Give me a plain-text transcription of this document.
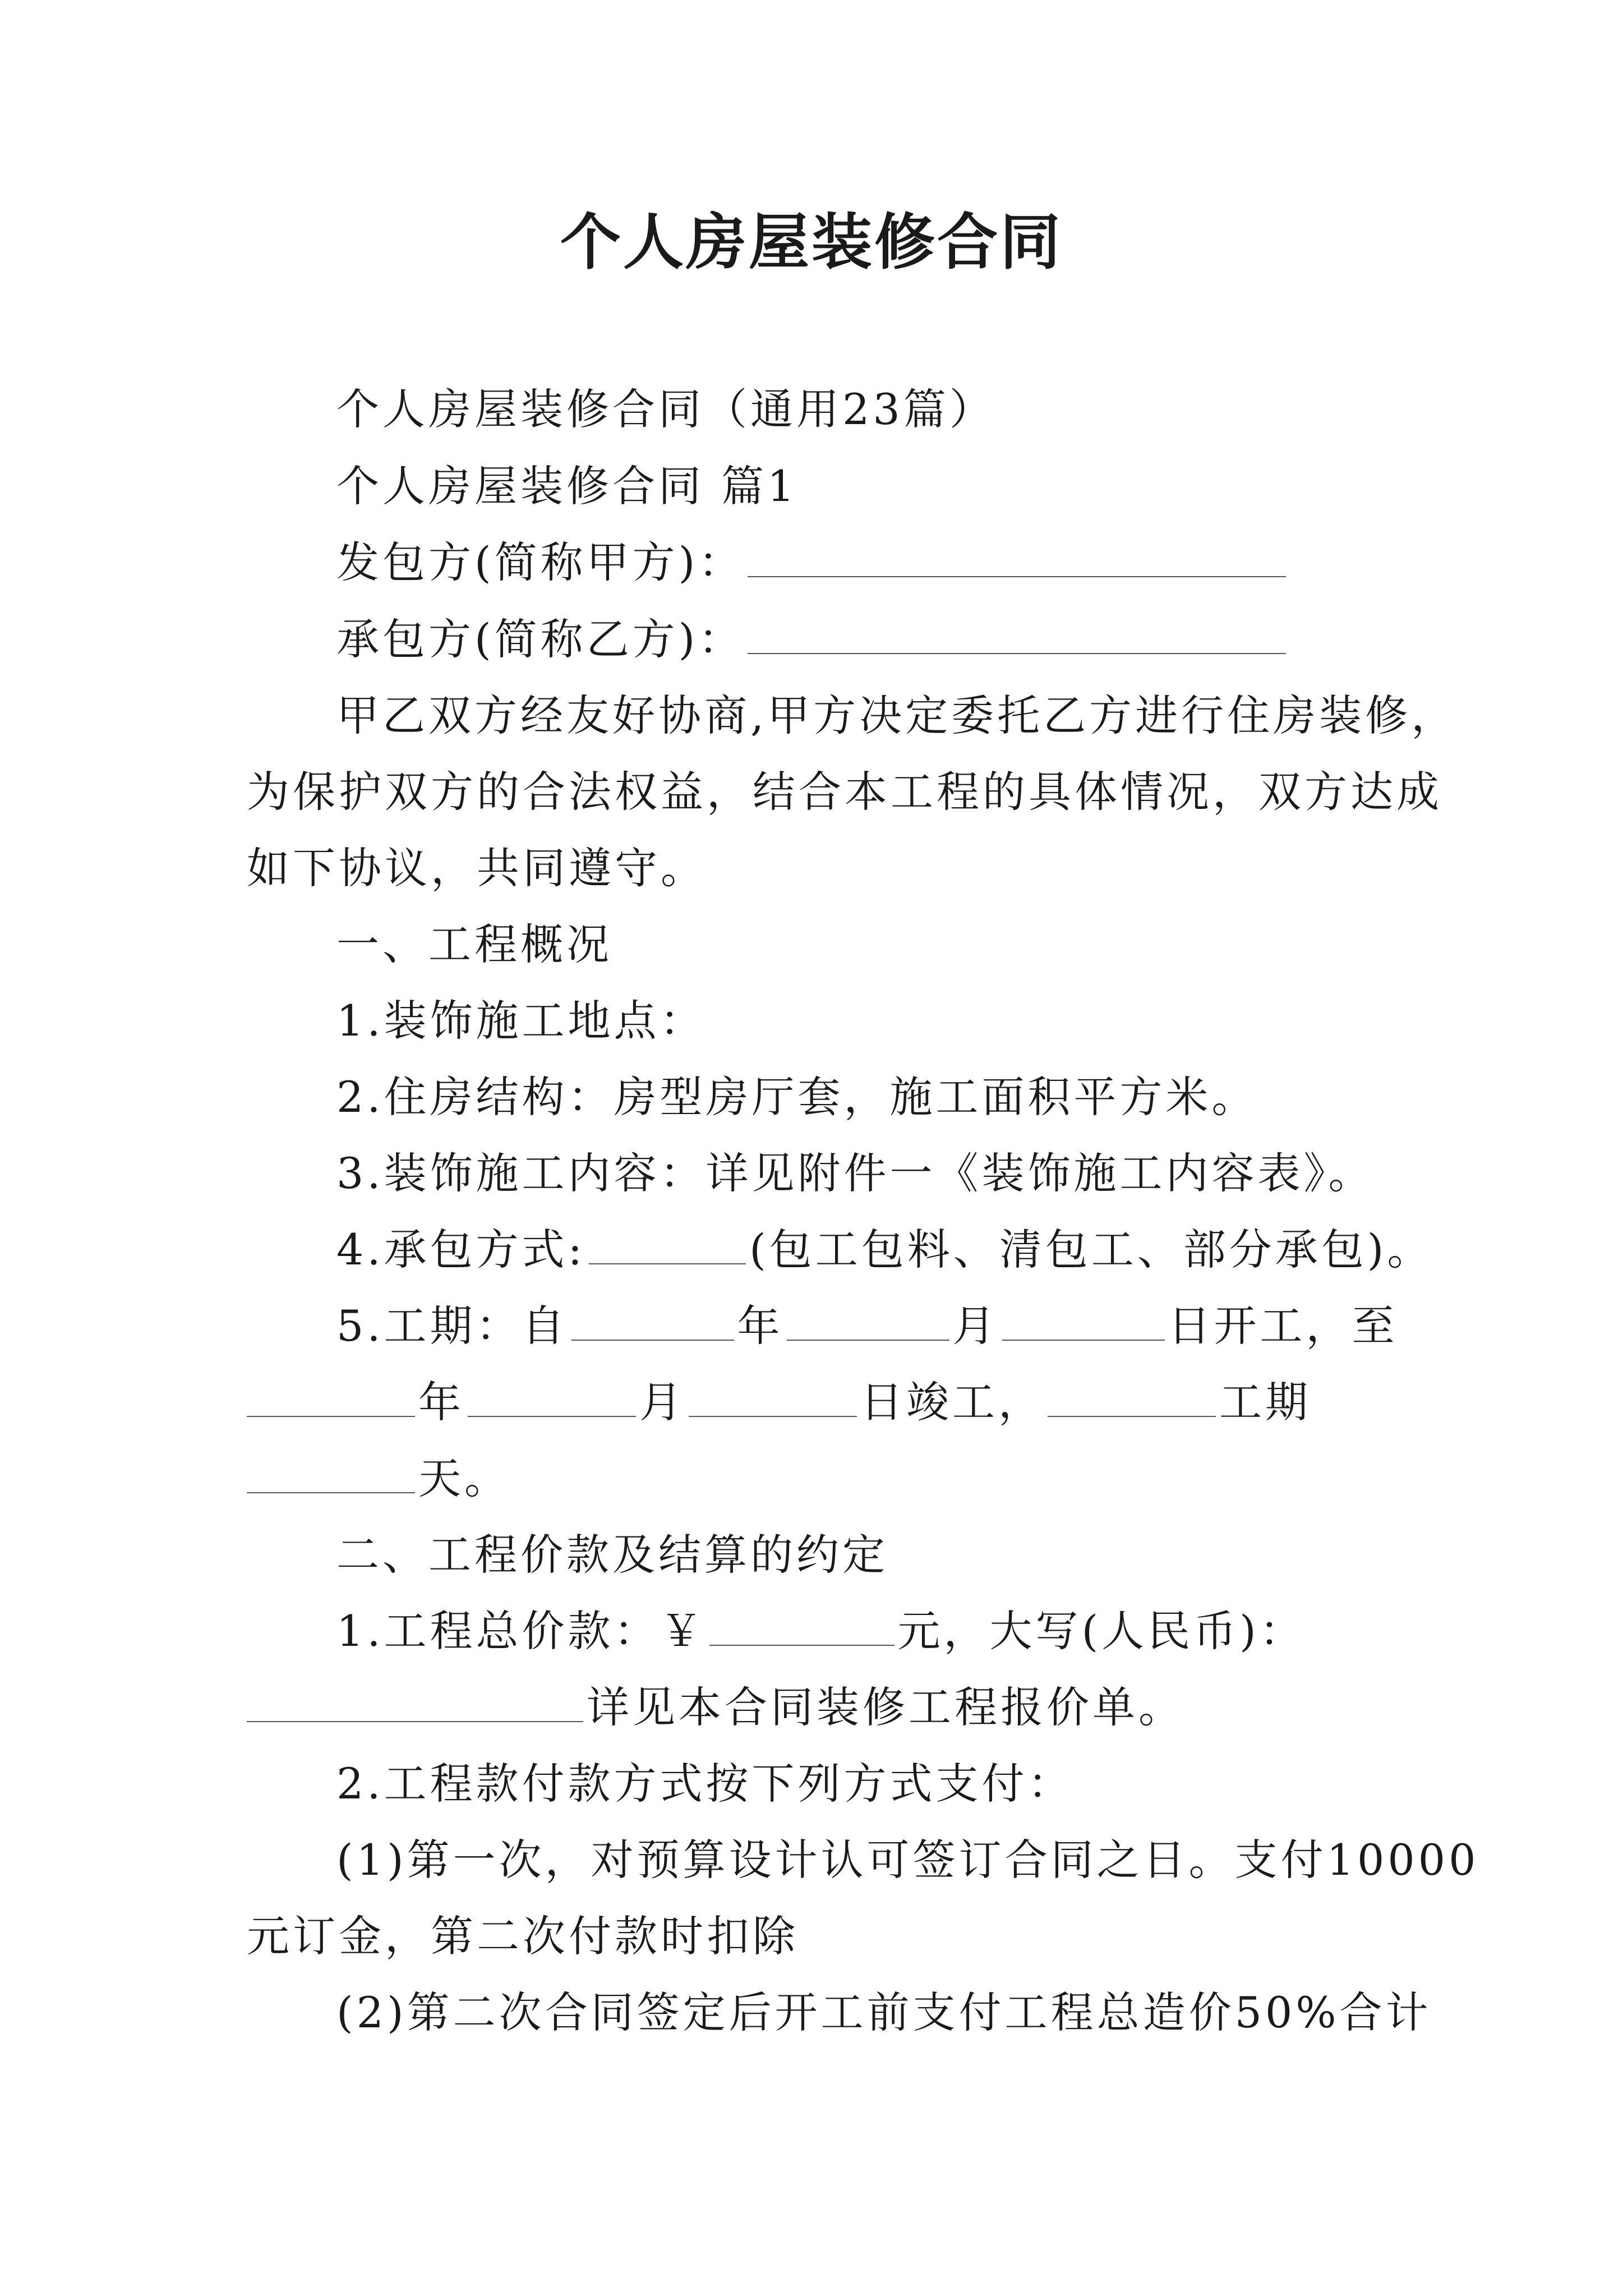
个人房屋装修合同
个人房屋装修合同（通用23篇）
个人房屋装修合同 篇1
发包方(简称甲方)：
承包方(简称乙方)：
甲乙双方经友好协商,甲方决定委托乙方进行住房装修，
为保护双方的合法权益，结合本工程的具体情况，双方达成
如下协议，共同遵守。
一、工程概况
1.装饰施工地点：
2.住房结构：房型房厅套，施工面积平方米。
3.装饰施工内容：详见附件一《装饰施工内容表》。
4.承包方式:	(包工包料、清包工、部分承包)。
5.工期：自	年	月	日开工，至
年	月	日竣工，	工期
天。
二、工程价款及结算的约定
1.工程总价款：￥	元，大写(人民币)：
详见本合同装修工程报价单。
2.工程款付款方式按下列方式支付：
(1)第一次，对预算设计认可签订合同之日。支付10000
元订金，第二次付款时扣除
(2)第二次合同签定后开工前支付工程总造价50%合计
